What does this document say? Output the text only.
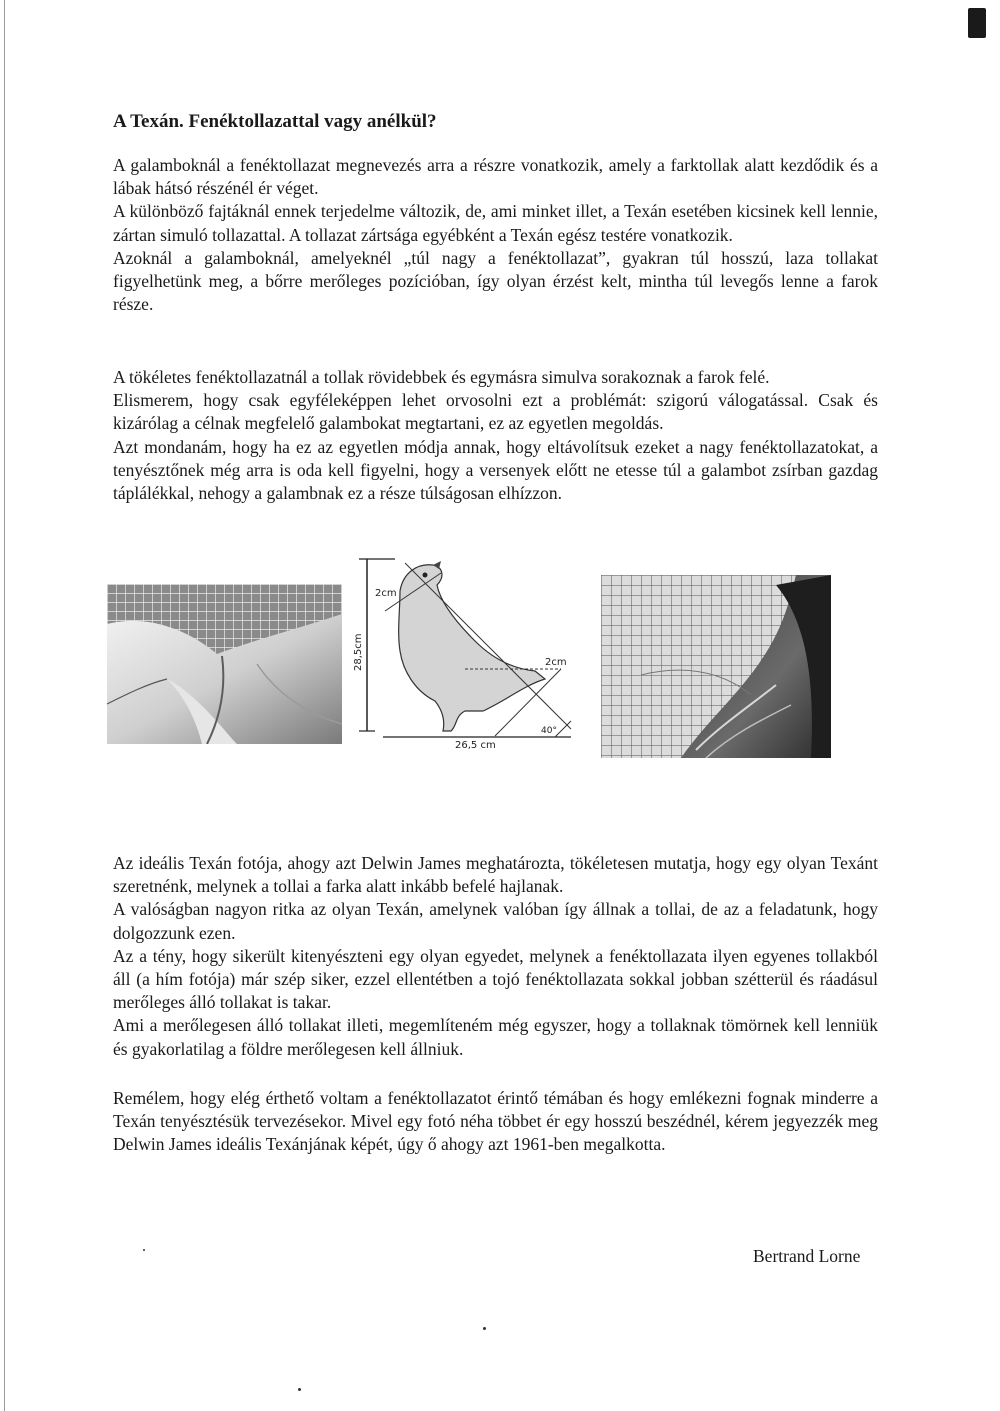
A Texán. Fenéktollazattal vagy anélkül?

A galamboknál a fenéktollazat megnevezés arra a részre vonatkozik, amely a farktollak alatt kezdődik és a lábak hátsó részénél ér véget.

A különböző fajtáknál ennek terjedelme változik, de, ami minket illet, a Texán esetében kicsinek kell lennie, zártan simuló tollazattal. A tollazat zártsága egyébként a Texán egész testére vonatkozik.

Azoknál a galamboknál, amelyeknél „túl nagy a fenéktollazat”, gyakran túl hosszú, laza tollakat figyelhetünk meg, a bőrre merőleges pozícióban, így olyan érzést kelt, mintha túl levegős lenne a farok része.

A tökéletes fenéktollazatnál a tollak rövidebbek és egymásra simulva sorakoznak a farok felé.

Elismerem, hogy csak egyféleképpen lehet orvosolni ezt a problémát: szigorú válogatással. Csak és kizárólag a célnak megfelelő galambokat megtartani, ez az egyetlen megoldás.

Azt mondanám, hogy ha ez az egyetlen módja annak, hogy eltávolítsuk ezeket a nagy fenéktollazatokat, a tenyésztőnek még arra is oda kell figyelni, hogy a versenyek előtt ne etesse túl a galambot zsírban gazdag táplálékkal, nehogy a galambnak ez a része túlságosan elhízzon.

2cm
28,5cm	2cm
40°
26,5 cm

Az ideális Texán fotója, ahogy azt Delwin James meghatározta, tökéletesen mutatja, hogy egy olyan Texánt szeretnénk, melynek a tollai a farka alatt inkább befelé hajlanak.

A valóságban nagyon ritka az olyan Texán, amelynek valóban így állnak a tollai, de az a feladatunk, hogy dolgozzunk ezen.

Az a tény, hogy sikerült kitenyészteni egy olyan egyedet, melynek a fenéktollazata ilyen egyenes tollakból áll (a hím fotója) már szép siker, ezzel ellentétben a tojó fenéktollazata sokkal jobban szétterül és ráadásul merőleges álló tollakat is takar.

Ami a merőlegesen álló tollakat illeti, megemlíteném még egyszer, hogy a tollaknak tömörnek kell lenniük és gyakorlatilag a földre merőlegesen kell állniuk.

Remélem, hogy elég érthető voltam a fenéktollazatot érintő témában és hogy emlékezni fognak minderre a Texán tenyésztésük tervezésekor. Mivel egy fotó néha többet ér egy hosszú beszédnél, kérem jegyezzék meg Delwin James ideális Texánjának képét, úgy ő ahogy azt 1961-ben megalkotta.

Bertrand Lorne
